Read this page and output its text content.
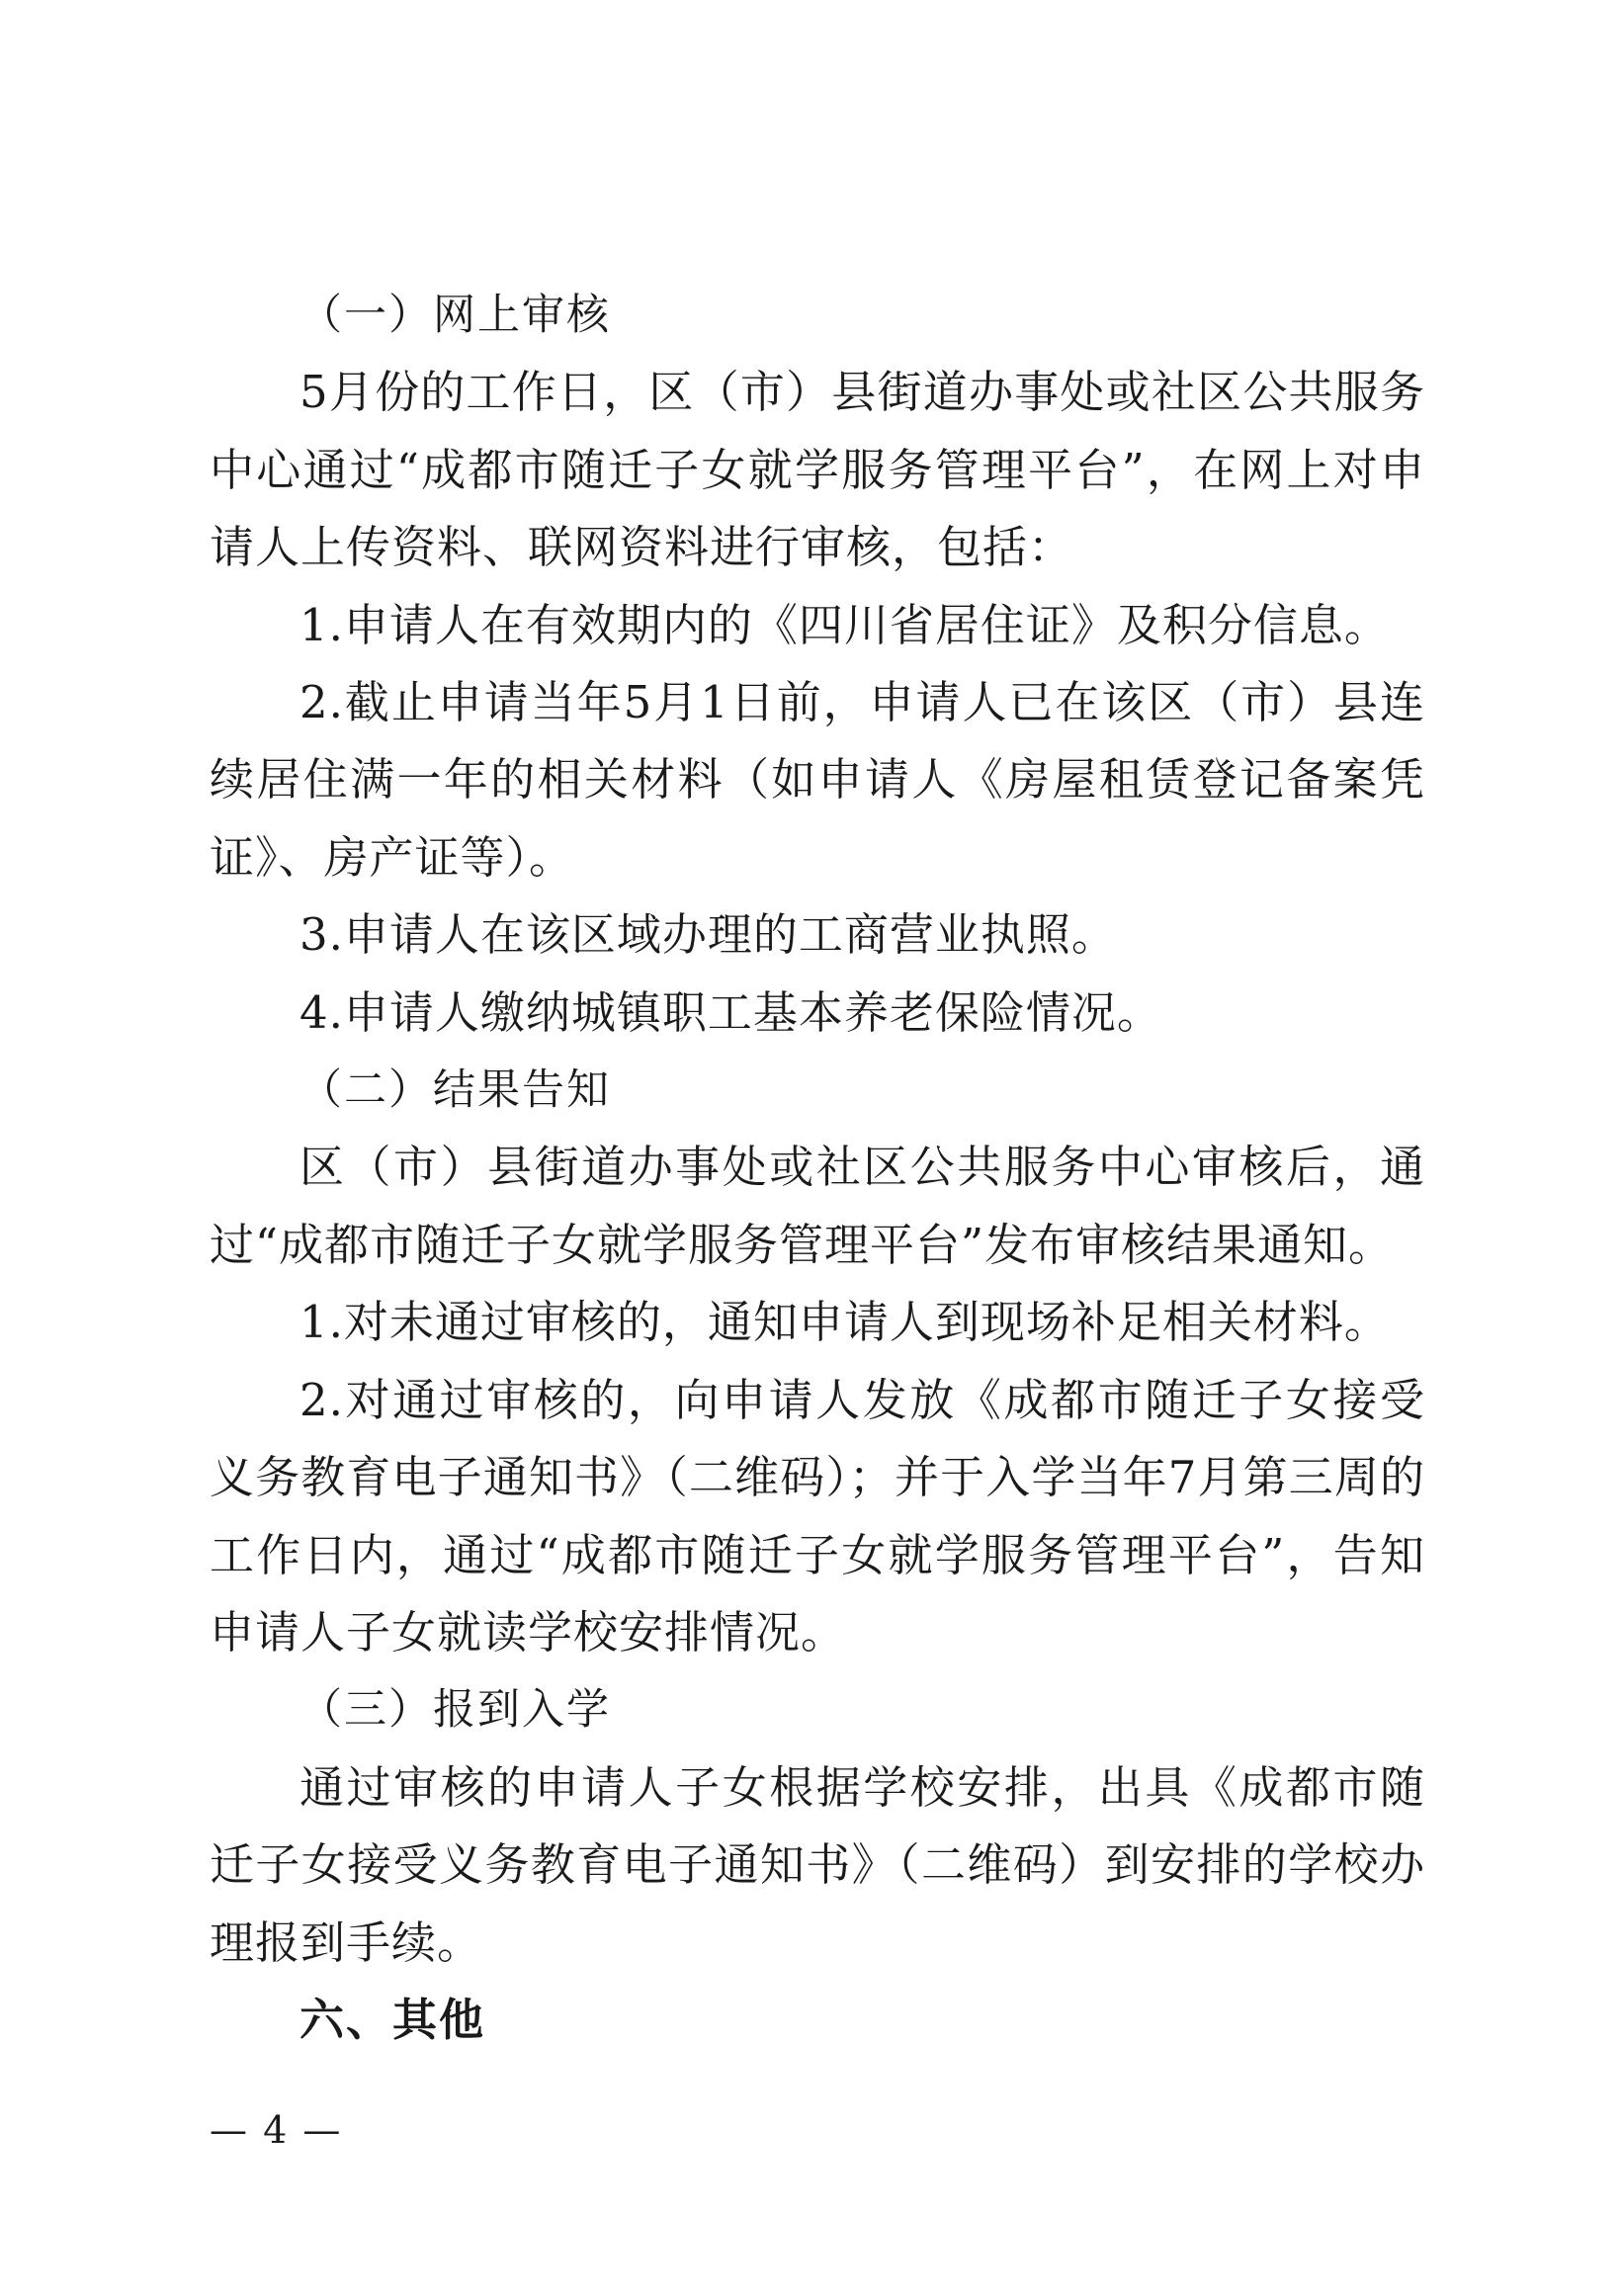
（一）网上审核

5月份的工作日，区（市）县街道办事处或社区公共服务中心通过“成都市随迁子女就学服务管理平台”，在网上对申请人上传资料、联网资料进行审核，包括：

1.申请人在有效期内的《四川省居住证》及积分信息。

2.截止申请当年5月1日前，申请人已在该区（市）县连续居住满一年的相关材料（如申请人《房屋租赁登记备案凭证》、房产证等）。

3.申请人在该区域办理的工商营业执照。

4.申请人缴纳城镇职工基本养老保险情况。

（二）结果告知

区（市）县街道办事处或社区公共服务中心审核后，通过“成都市随迁子女就学服务管理平台”发布审核结果通知。

1.对未通过审核的，通知申请人到现场补足相关材料。

2.对通过审核的，向申请人发放《成都市随迁子女接受义务教育电子通知书》（二维码）；并于入学当年7月第三周的工作日内，通过“成都市随迁子女就学服务管理平台”，告知申请人子女就读学校安排情况。

（三）报到入学

通过审核的申请人子女根据学校安排，出具《成都市随迁子女接受义务教育电子通知书》（二维码）到安排的学校办理报到手续。

六、其他

— 4 —
